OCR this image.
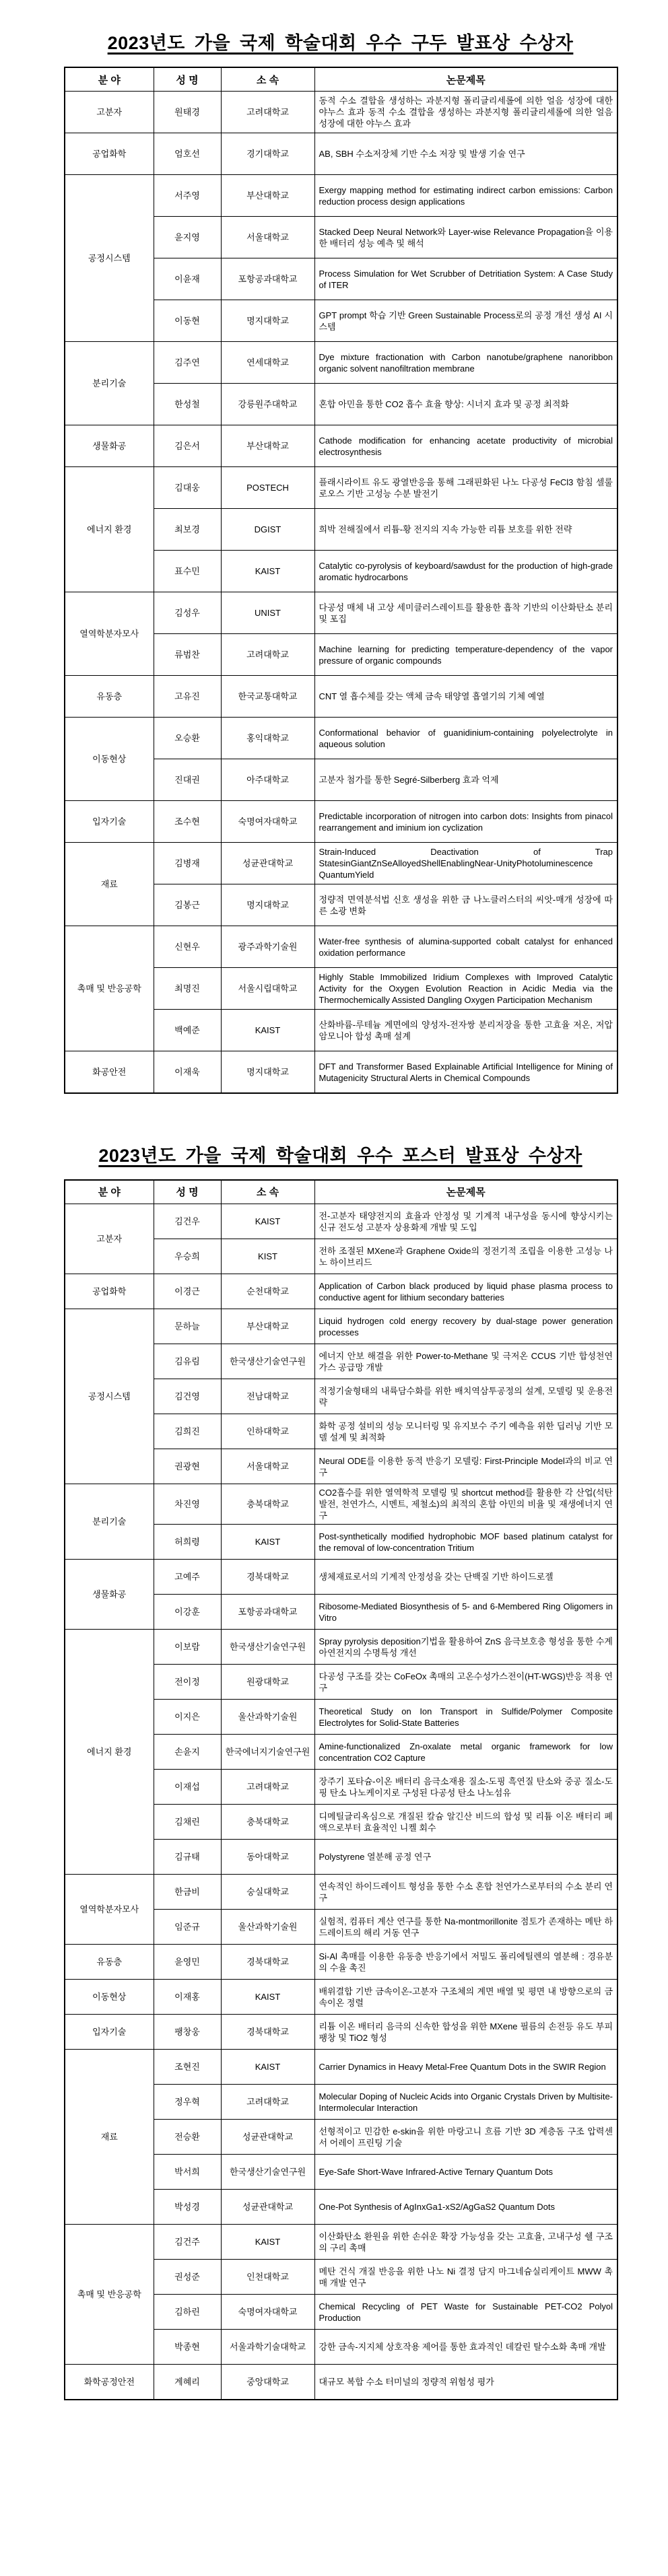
2023년도 가을 국제 학술대회 우수 구두 발표상 수상자
분 야	성 명	소 속	논문제목
고분자	원태경	고려대학교	동적 수소 결합을 생성하는 과분지형 폴리글리세롤에 의한 얼음 성장에 대한 야누스 효과 동적 수소 결합을 생성하는 과분지형 폴리글리세롤에 의한 얼음 성장에 대한 야누스 효과
공업화학	엄호선	경기대학교	AB, SBH 수소저장체 기반 수소 저장 및 발생 기술 연구
공정시스템	서주영	부산대학교	Exergy mapping method for estimating indirect carbon emissions: Carbon reduction process design applications
	윤지영	서울대학교	Stacked Deep Neural Network와 Layer-wise Relevance Propagation을 이용한 배터리 성능 예측 및 해석
	이윤재	포항공과대학교	Process Simulation for Wet Scrubber of Detritiation System: A Case Study of ITER
	이동현	명지대학교	GPT prompt 학습 기반 Green Sustainable Process로의 공정 개선 생성 AI 시스템
분리기술	김주연	연세대학교	Dye mixture fractionation with Carbon nanotube/graphene nanoribbon organic solvent nanofiltration membrane
	한성철	강릉원주대학교	혼합 아민을 통한 CO2 흡수 효율 향상: 시너지 효과 및 공정 최적화
생물화공	김은서	부산대학교	Cathode modification for enhancing acetate productivity of microbial electrosynthesis
에너지 환경	김대웅	POSTECH	플래시라이트 유도 광열반응을 통해 그래핀화된 나노 다공성 FeCl3 함침 셀룰로오스 기반 고성능 수분 발전기
	최보경	DGIST	희박 전해질에서 리튬-황 전지의 지속 가능한 리튬 보호를 위한 전략
	표수민	KAIST	Catalytic co-pyrolysis of keyboard/sawdust for the production of high-grade aromatic hydrocarbons
열역학분자모사	김성우	UNIST	다공성 매체 내 고상 세미클러스레이트를 활용한 흡착 기반의 이산화탄소 분리 및 포집
	류범찬	고려대학교	Machine learning for predicting temperature-dependency of the vapor pressure of organic compounds
유동층	고유진	한국교통대학교	CNT 열 흡수체를 갖는 액체 금속 태양열 흡열기의 기체 예열
이동현상	오승환	홍익대학교	Conformational behavior of guanidinium-containing polyelectrolyte in aqueous solution
	진대권	아주대학교	고분자 첨가를 통한 Segré-Silberberg 효과 억제
입자기술	조수현	숙명여자대학교	Predictable incorporation of nitrogen into carbon dots: Insights from pinacol rearrangement and iminium ion cyclization
재료	김병재	성균관대학교	Strain-Induced Deactivation of Trap StatesinGiantZnSeAlloyedShellEnablingNear-UnityPhotoluminescence QuantumYield
	김봉근	명지대학교	정량적 면역분석법 신호 생성을 위한 금 나노클러스터의 씨앗-매개 성장에 따른 소광 변화
촉매 및 반응공학	신현우	광주과학기술원	Water-free synthesis of alumina-supported cobalt catalyst for enhanced oxidation performance
	최명진	서울시립대학교	Highly Stable Immobilized Iridium Complexes with Improved Catalytic Activity for the Oxygen Evolution Reaction in Acidic Media via the Thermochemically Assisted Dangling Oxygen Participation Mechanism
	백예준	KAIST	산화바륨-루테늄 계면에의 양성자-전자쌍 분리저장을 통한 고효율 저온, 저압 암모니아 합성 촉매 설계
화공안전	이재욱	명지대학교	DFT and Transformer Based Explainable Artificial Intelligence for Mining of Mutagenicity Structural Alerts in Chemical Compounds
2023년도 가을 국제 학술대회 우수 포스터 발표상 수상자
분 야	성 명	소 속	논문제목
고분자	김건우	KAIST	전-고분자 태양전지의 효율과 안정성 및 기계적 내구성을 동시에 향상시키는 신규 전도성 고분자 상용화제 개발 및 도입
	우승희	KIST	전하 조절된 MXene과 Graphene Oxide의 정전기적 조립을 이용한 고성능 나노 하이브리드
공업화학	이경근	순천대학교	Application of Carbon black produced by liquid phase plasma process to conductive agent for lithium secondary batteries
공정시스템	문하늘	부산대학교	Liquid hydrogen cold energy recovery by dual-stage power generation processes
	김유림	한국생산기술연구원	에너지 안보 해결을 위한 Power-to-Methane 및 극저온 CCUS 기반 합성천연가스 공급망 개발
	김건영	전남대학교	적정기술형태의 내륙담수화를 위한 배치역삼투공정의 설계, 모델링 및 운용전략
	김희진	인하대학교	화학 공정 설비의 성능 모니터링 및 유지보수 주기 예측을 위한 딥러닝 기반 모델 설계 및 최적화
	권광현	서울대학교	Neural ODE를 이용한 동적 반응기 모델링: First-Principle Model과의 비교 연구
분리기술	차진영	충북대학교	CO2흡수를 위한 열역학적 모델링 및 shortcut method를 활용한 각 산업(석탄발전, 천연가스, 시멘트, 제철소)의 최적의 혼합 아민의 비율 및 재생에너지 연구
	허희령	KAIST	Post-synthetically modified hydrophobic MOF based platinum catalyst for the removal of low-concentration Tritium
생물화공	고예주	경북대학교	생체재료로서의 기계적 안정성을 갖는 단백질 기반 하이드로젤
	이강훈	포항공과대학교	Ribosome-Mediated Biosynthesis of 5- and 6-Membered Ring Oligomers in Vitro
에너지 환경	이보람	한국생산기술연구원	Spray pyrolysis deposition기법을 활용하여 ZnS 음극보호층 형성을 통한 수계아연전지의 수명특성 개선
	전이정	원광대학교	다공성 구조를 갖는 CoFeOx 촉매의 고온수성가스전이(HT-WGS)반응 적용 연구
	이지은	울산과학기술원	Theoretical Study on Ion Transport in Sulfide/Polymer Composite Electrolytes for Solid-State Batteries
	손윤지	한국에너지기술연구원	Amine-functionalized Zn-oxalate metal organic framework for low concentration CO2 Capture
	이재섭	고려대학교	장주기 포타슘-이온 배터리 음극소재용 질소-도핑 흑연질 탄소와 중공 질소-도핑 탄소 나노케이지로 구성된 다공성 탄소 나노섬유
	김채린	충북대학교	디메틸글리옥심으로 개질된 칼슘 알긴산 비드의 합성 및 리튬 이온 배터리 폐액으로부터 효율적인 니켈 회수
	김규태	동아대학교	Polystyrene 열분해 공정 연구
열역학분자모사	한금비	숭실대학교	연속적인 하이드레이트 형성을 통한 수소 혼합 천연가스로부터의 수소 분리 연구
	임준규	울산과학기술원	실험적, 컴퓨터 계산 연구를 통한 Na-montmorillonite 점토가 존재하는 메탄 하드레이트의 해리 거동 연구
유동층	윤영민	경북대학교	Si-Al 촉매를 이용한 유동층 반응기에서 저밀도 폴리에틸렌의 열분해 : 경유분의 수율 촉진
이동현상	이재홍	KAIST	배위결합 기반 금속이온-고분자 구조체의 계면 배열 및 평면 내 방향으로의 금속이온 정렬
입자기술	팽창웅	경북대학교	리튬 이온 배터리 음극의 신속한 합성을 위한 MXene 필름의 손전등 유도 부피 팽창 및 TiO2 형성
재료	조현진	KAIST	Carrier Dynamics in Heavy Metal-Free Quantum Dots in the SWIR Region
	정우혁	고려대학교	Molecular Doping of Nucleic Acids into Organic Crystals Driven by Multisite-Intermolecular Interaction
	전승환	성균관대학교	선형적이고 민감한 e-skin을 위한 마랑고니 흐름 기반 3D 계층돔 구조 압력센서 어레이 프린팅 기술
	박서희	한국생산기술연구원	Eye-Safe Short-Wave Infrared-Active Ternary Quantum Dots
	박성경	성균관대학교	One-Pot Synthesis of AgInxGa1-xS2/AgGaS2 Quantum Dots
촉매 및 반응공학	김건주	KAIST	이산화탄소 환원을 위한 손쉬운 확장 가능성을 갖는 고효율, 고내구성 쉘 구조의 구리 촉매
	권성준	인천대학교	메탄 건식 개질 반응을 위한 나노 Ni 결정 담지 마그네슘실리케이트 MWW 촉매 개발 연구
	김하린	숙명여자대학교	Chemical Recycling of PET Waste for Sustainable PET-CO2 Polyol Production
	박종현	서울과학기술대학교	강한 금속-지지체 상호작용 제어를 통한 효과적인 데칼린 탈수소화 촉매 개발
화학공정안전	계혜리	중앙대학교	대규모 복합 수소 터미널의 정량적 위험성 평가
